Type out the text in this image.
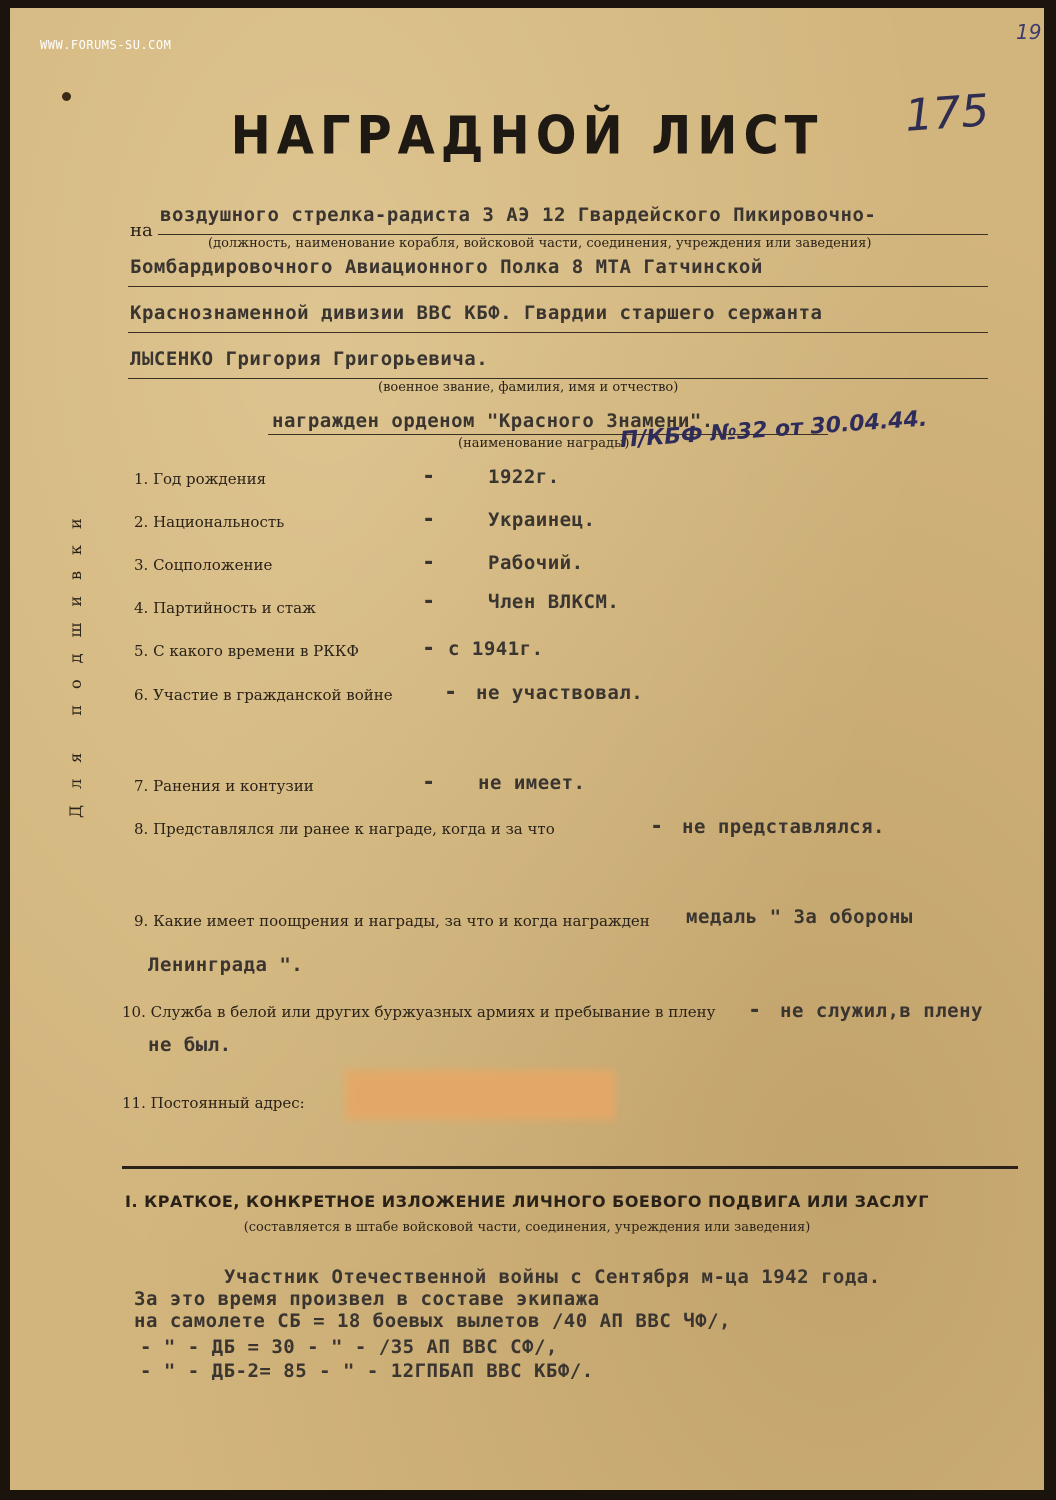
WWW.FORUMS-SU.COM
19
175
НАГРАДНОЙ ЛИСТ
на
воздушного стрелка-радиста 3 АЭ 12 Гвардейского Пикировочно-
(должность, наименование корабля, войсковой части, соединения, учреждения или заведения)
Бомбардировочного Авиационного Полка 8 МТА Гатчинской
Краснознаменной дивизии ВВС КБФ. Гвардии старшего сержанта
ЛЫСЕНКО Григория Григорьевича.
(военное звание, фамилия, имя и отчество)
награжден орденом "Красного Знамени".
(наименование награды)
П/КБФ №32 от 30.04.44.
Для подшивки
1. Год рождения	-	1922г.
2. Национальность	-	Украинец.
3. Соцположение	-	Рабочий.
4. Партийность и стаж	-	Член ВЛКСМ.
5. С какого времени в РККФ	- с 1941г.
6. Участие в гражданской войне - не участвовал.
7. Ранения и контузии	- не имеет.
8. Представлялся ли ранее к награде, когда и за что	- не представлялся.
9. Какие имеет поощрения и награды, за что и когда награжден медаль " За обороны
Ленинграда ".
10. Служба в белой или других буржуазных армиях и пребывание в плену - не служил,в плену
не был.
11. Постоянный адрес:
I. КРАТКОЕ, КОНКРЕТНОЕ ИЗЛОЖЕНИЕ ЛИЧНОГО БОЕВОГО ПОДВИГА ИЛИ ЗАСЛУГ
(составляется в штабе войсковой части, соединения, учреждения или заведения)
Участник Отечественной войны с Сентября м-ца 1942 года.
За это время произвел в составе экипажа
на самолете СБ = 18 боевых вылетов /40 АП ВВС ЧФ/,
- " - ДБ = 30 - " - /35 АП ВВС СФ/,
- " - ДБ-2= 85 - " - 12ГПБАП ВВС КБФ/.
